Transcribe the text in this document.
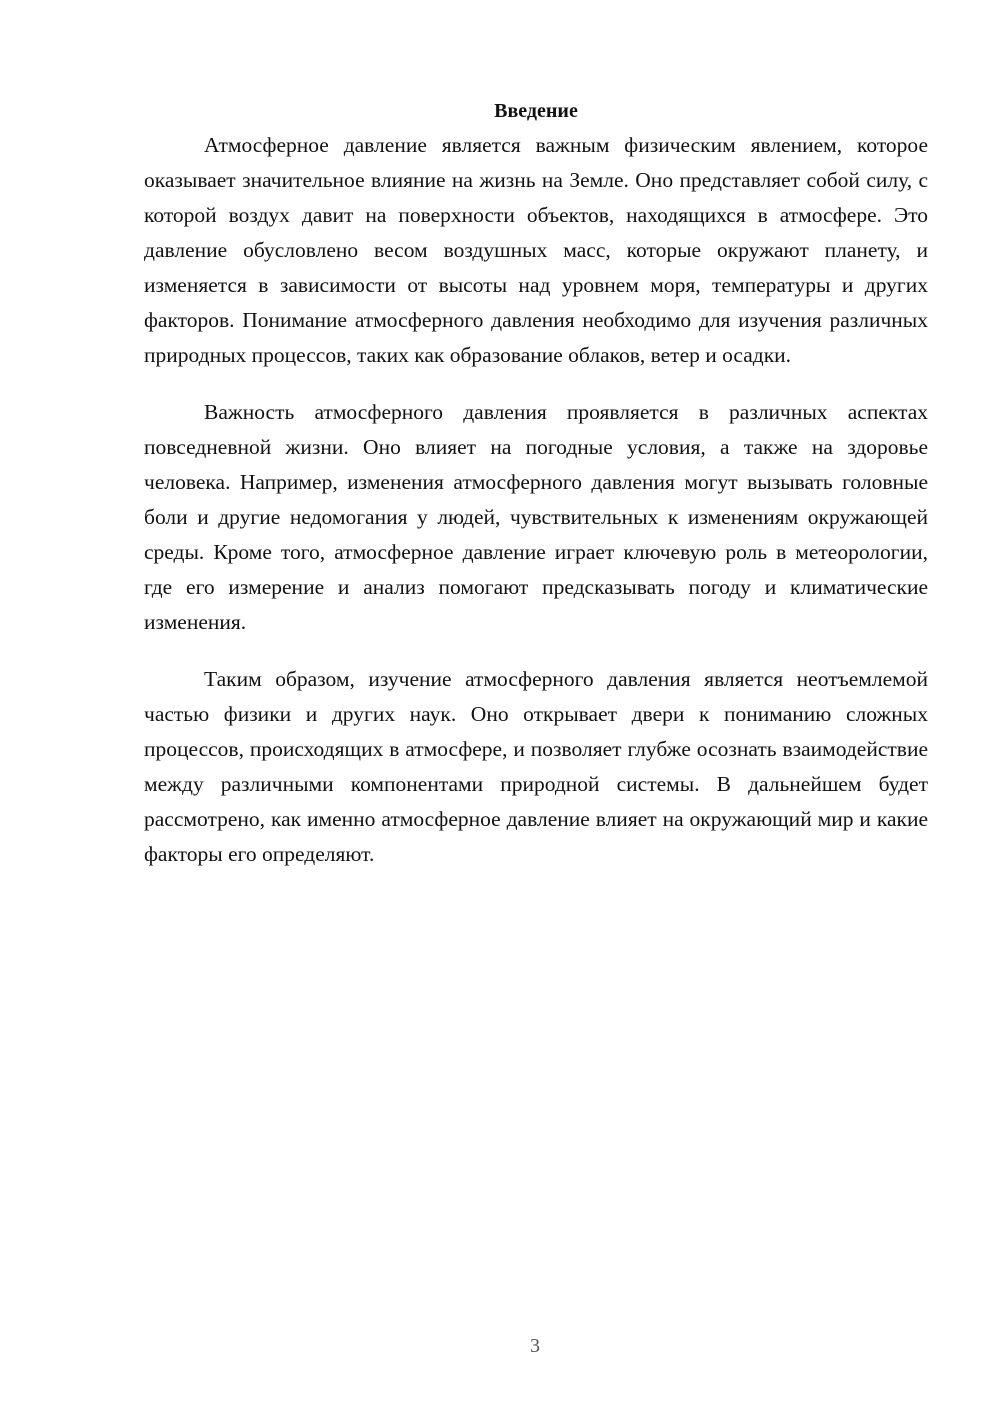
Введение

Атмосферное давление является важным физическим явлением, которое оказывает значительное влияние на жизнь на Земле. Оно представляет собой силу, с которой воздух давит на поверхности объектов, находящихся в атмосфере. Это давление обусловлено весом воздушных масс, которые окружают планету, и изменяется в зависимости от высоты над уровнем моря, температуры и других факторов. Понимание атмосферного давления необходимо для изучения различных природных процессов, таких как образование облаков, ветер и осадки.

Важность атмосферного давления проявляется в различных аспектах повседневной жизни. Оно влияет на погодные условия, а также на здоровье человека. Например, изменения атмосферного давления могут вызывать головные боли и другие недомогания у людей, чувствительных к изменениям окружающей среды. Кроме того, атмосферное давление играет ключевую роль в метеорологии, где его измерение и анализ помогают предсказывать погоду и климатические изменения.

Таким образом, изучение атмосферного давления является неотъемлемой частью физики и других наук. Оно открывает двери к пониманию сложных процессов, происходящих в атмосфере, и позволяет глубже осознать взаимодействие между различными компонентами природной системы. В дальнейшем будет рассмотрено, как именно атмосферное давление влияет на окружающий мир и какие факторы его определяют.

3
